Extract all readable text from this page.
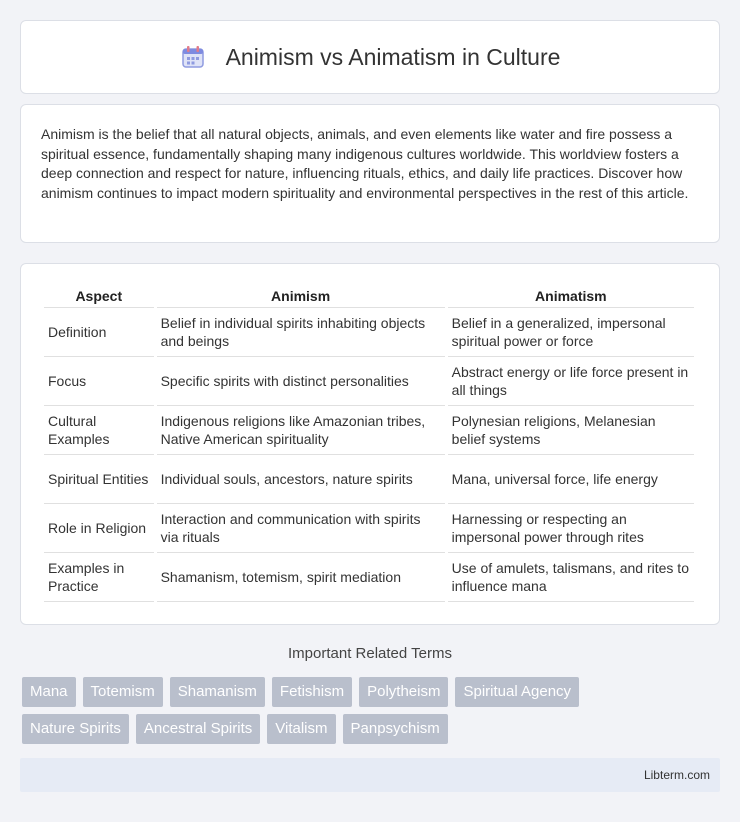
Animism vs Animatism in Culture

Animism is the belief that all natural objects, animals, and even elements like water and fire possess a spiritual essence, fundamentally shaping many indigenous cultures worldwide. This worldview fosters a deep connection and respect for nature, influencing rituals, ethics, and daily life practices. Discover how animism continues to impact modern spirituality and environmental perspectives in the rest of this article.

Aspect	Animism	Animatism
Definition	Belief in individual spirits inhabiting objects and beings	Belief in a generalized, impersonal spiritual power or force
Focus	Specific spirits with distinct personalities	Abstract energy or life force present in all things
Cultural Examples	Indigenous religions like Amazonian tribes, Native American spirituality	Polynesian religions, Melanesian belief systems
Spiritual Entities	Individual souls, ancestors, nature spirits	Mana, universal force, life energy
Role in Religion	Interaction and communication with spirits via rituals	Harnessing or respecting an impersonal power through rites
Examples in Practice	Shamanism, totemism, spirit mediation	Use of amulets, talismans, and rites to influence mana
Important Related Terms
Mana	Totemism	Shamanism	Fetishism	Polytheism	Spiritual Agency
Nature Spirits	Ancestral Spirits	Vitalism	Panpsychism
Libterm.com
